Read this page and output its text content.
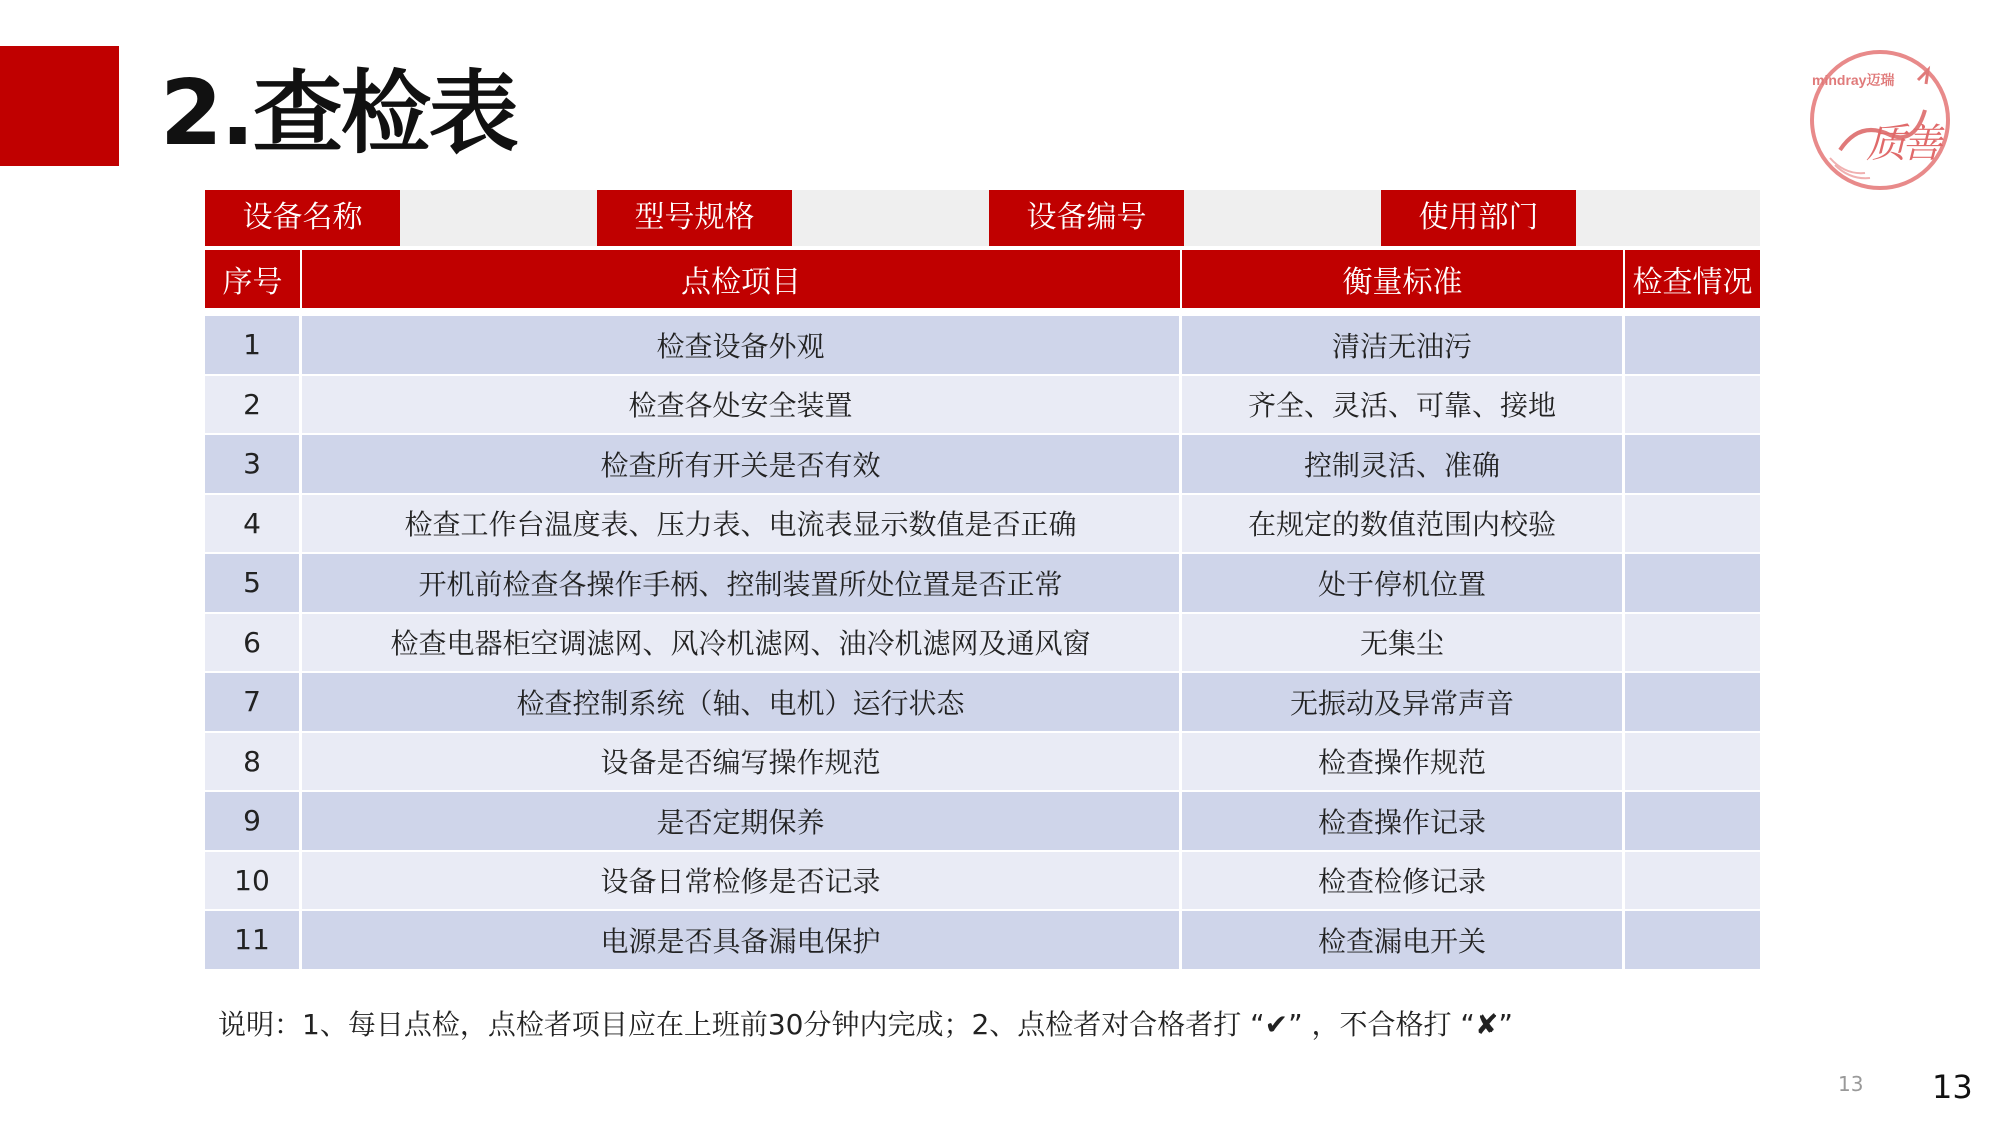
2.查检表	mindray迈瑞
质善
设备名称	型号规格	设备编号	使用部门
序号	点检项目	衡量标准	检查情况
1	检查设备外观	清洁无油污
2	检查各处安全装置	齐全、灵活、可靠、接地
3	检查所有开关是否有效	控制灵活、准确
4	检查工作台温度表、压力表、电流表显示数值是否正确	在规定的数值范围内校验
5	开机前检查各操作手柄、控制装置所处位置是否正常	处于停机位置
6	检查电器柜空调滤网、风冷机滤网、油冷机滤网及通风窗	无集尘
7	检查控制系统（轴、电机）运行状态	无振动及异常声音
8	设备是否编写操作规范	检查操作规范
9	是否定期保养	检查操作记录
10	设备日常检修是否记录	检查检修记录
11	电源是否具备漏电保护	检查漏电开关
说明：1、每日点检，点检者项目应在上班前30分钟内完成；2、点检者对合格者打 “✔” ，不合格打 “✘”
13 13
